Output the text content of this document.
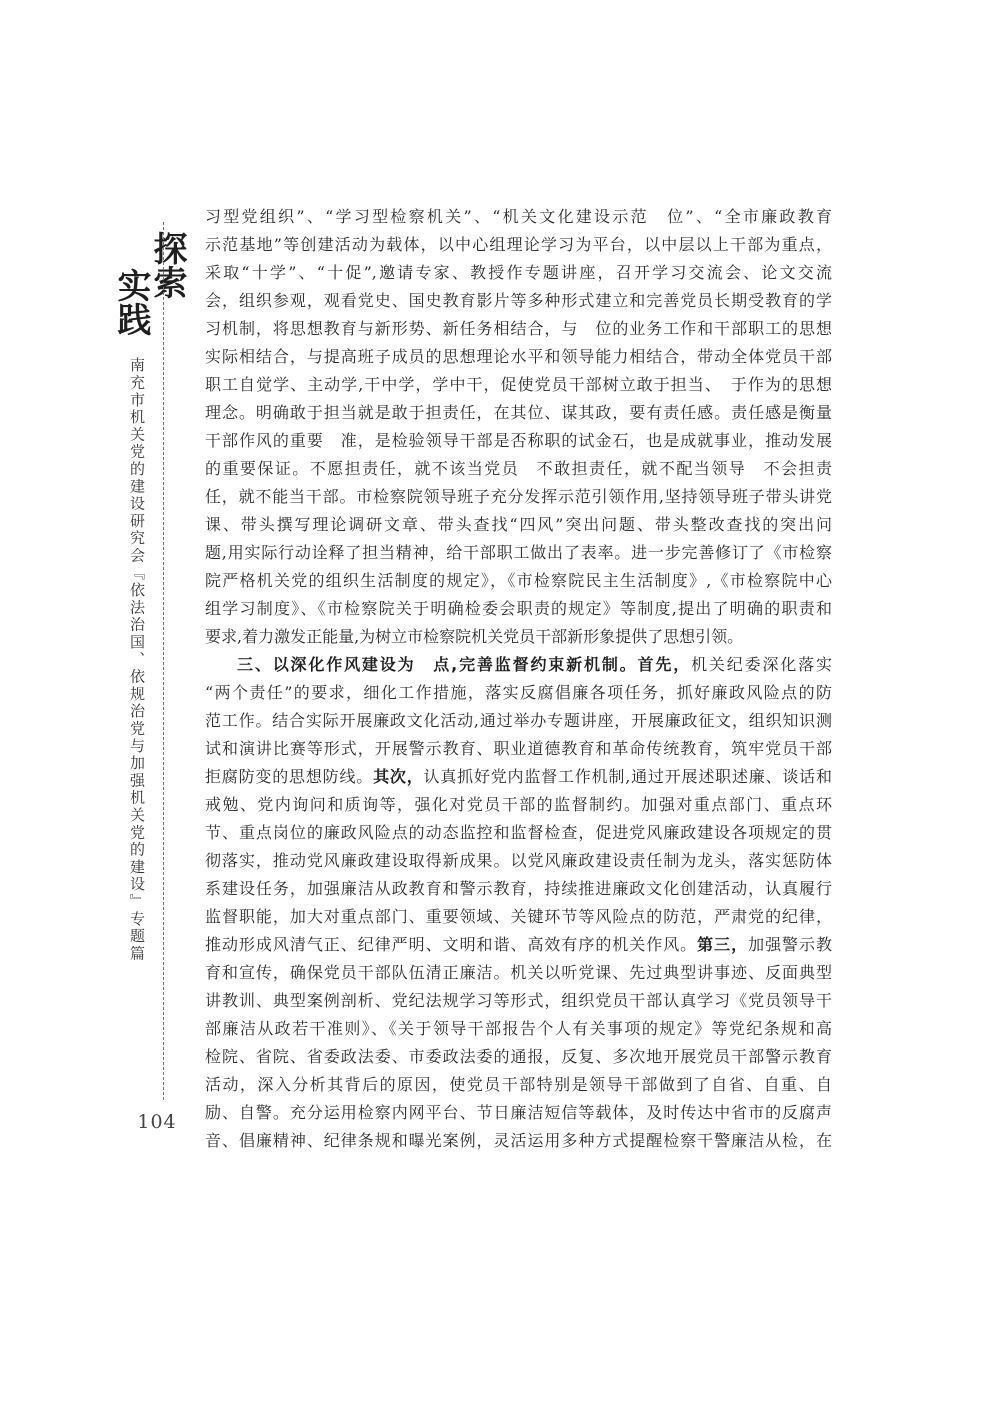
探索
实践
南充市机关党的建设研究会『依法治国、依规治党与加强机关党的建设』专题篇
104
习型党组织”、“学习型检察机关”、“机关文化建设示范　位”、“全市廉政教育
示范基地”等创建活动为载体，以中心组理论学习为平台，以中层以上干部为重点，
采取“十学”、“十促”,邀请专家、教授作专题讲座，召开学习交流会、论文交流
会，组织参观，观看党史、国史教育影片等多种形式建立和完善党员长期受教育的学
习机制，将思想教育与新形势、新任务相结合，与　位的业务工作和干部职工的思想
实际相结合，与提高班子成员的思想理论水平和领导能力相结合，带动全体党员干部
职工自觉学、主动学,干中学，学中干，促使党员干部树立敢于担当、　于作为的思想
理念。明确敢于担当就是敢于担责任，在其位、谋其政，要有责任感。责任感是衡量
干部作风的重要　准，是检验领导干部是否称职的试金石，也是成就事业，推动发展
的重要保证。不愿担责任，就不该当党员　不敢担责任，就不配当领导　不会担责
任，就不能当干部。市检察院领导班子充分发挥示范引领作用,坚持领导班子带头讲党
课、带头撰写理论调研文章、带头查找“四风”突出问题、带头整改查找的突出问
题,用实际行动诠释了担当精神，给干部职工做出了表率。进一步完善修订了《市检察
院严格机关党的组织生活制度的规定》，《市检察院民主生活制度》,《市检察院中心
组学习制度》、《市检察院关于明确检委会职责的规定》等制度,提出了明确的职责和
要求,着力激发正能量,为树立市检察院机关党员干部新形象提供了思想引领。
三、以深化作风建设为　点,完善监督约束新机制。首先，机关纪委深化落实
“两个责任”的要求，细化工作措施，落实反腐倡廉各项任务，抓好廉政风险点的防
范工作。结合实际开展廉政文化活动,通过举办专题讲座，开展廉政征文，组织知识测
试和演讲比赛等形式，开展警示教育、职业道德教育和革命传统教育，筑牢党员干部
拒腐防变的思想防线。其次，认真抓好党内监督工作机制,通过开展述职述廉、谈话和
戒勉、党内询问和质询等，强化对党员干部的监督制约。加强对重点部门、重点环
节、重点岗位的廉政风险点的动态监控和监督检查，促进党风廉政建设各项规定的贯
彻落实，推动党风廉政建设取得新成果。以党风廉政建设责任制为龙头，落实惩防体
系建设任务，加强廉洁从政教育和警示教育，持续推进廉政文化创建活动，认真履行
监督职能，加大对重点部门、重要领域、关键环节等风险点的防范，严肃党的纪律，
推动形成风清气正、纪律严明、文明和谐、高效有序的机关作风。第三，加强警示教
育和宣传，确保党员干部队伍清正廉洁。机关以听党课、先过典型讲事迹、反面典型
讲教训、典型案例剖析、党纪法规学习等形式，组织党员干部认真学习《党员领导干
部廉洁从政若干准则》、《关于领导干部报告个人有关事项的规定》等党纪条规和高
检院、省院、省委政法委、市委政法委的通报，反复、多次地开展党员干部警示教育
活动，深入分析其背后的原因，使党员干部特别是领导干部做到了自省、自重、自
励、自警。充分运用检察内网平台、节日廉洁短信等载体，及时传达中省市的反腐声
音、倡廉精神、纪律条规和曝光案例，灵活运用多种方式提醒检察干警廉洁从检，在
